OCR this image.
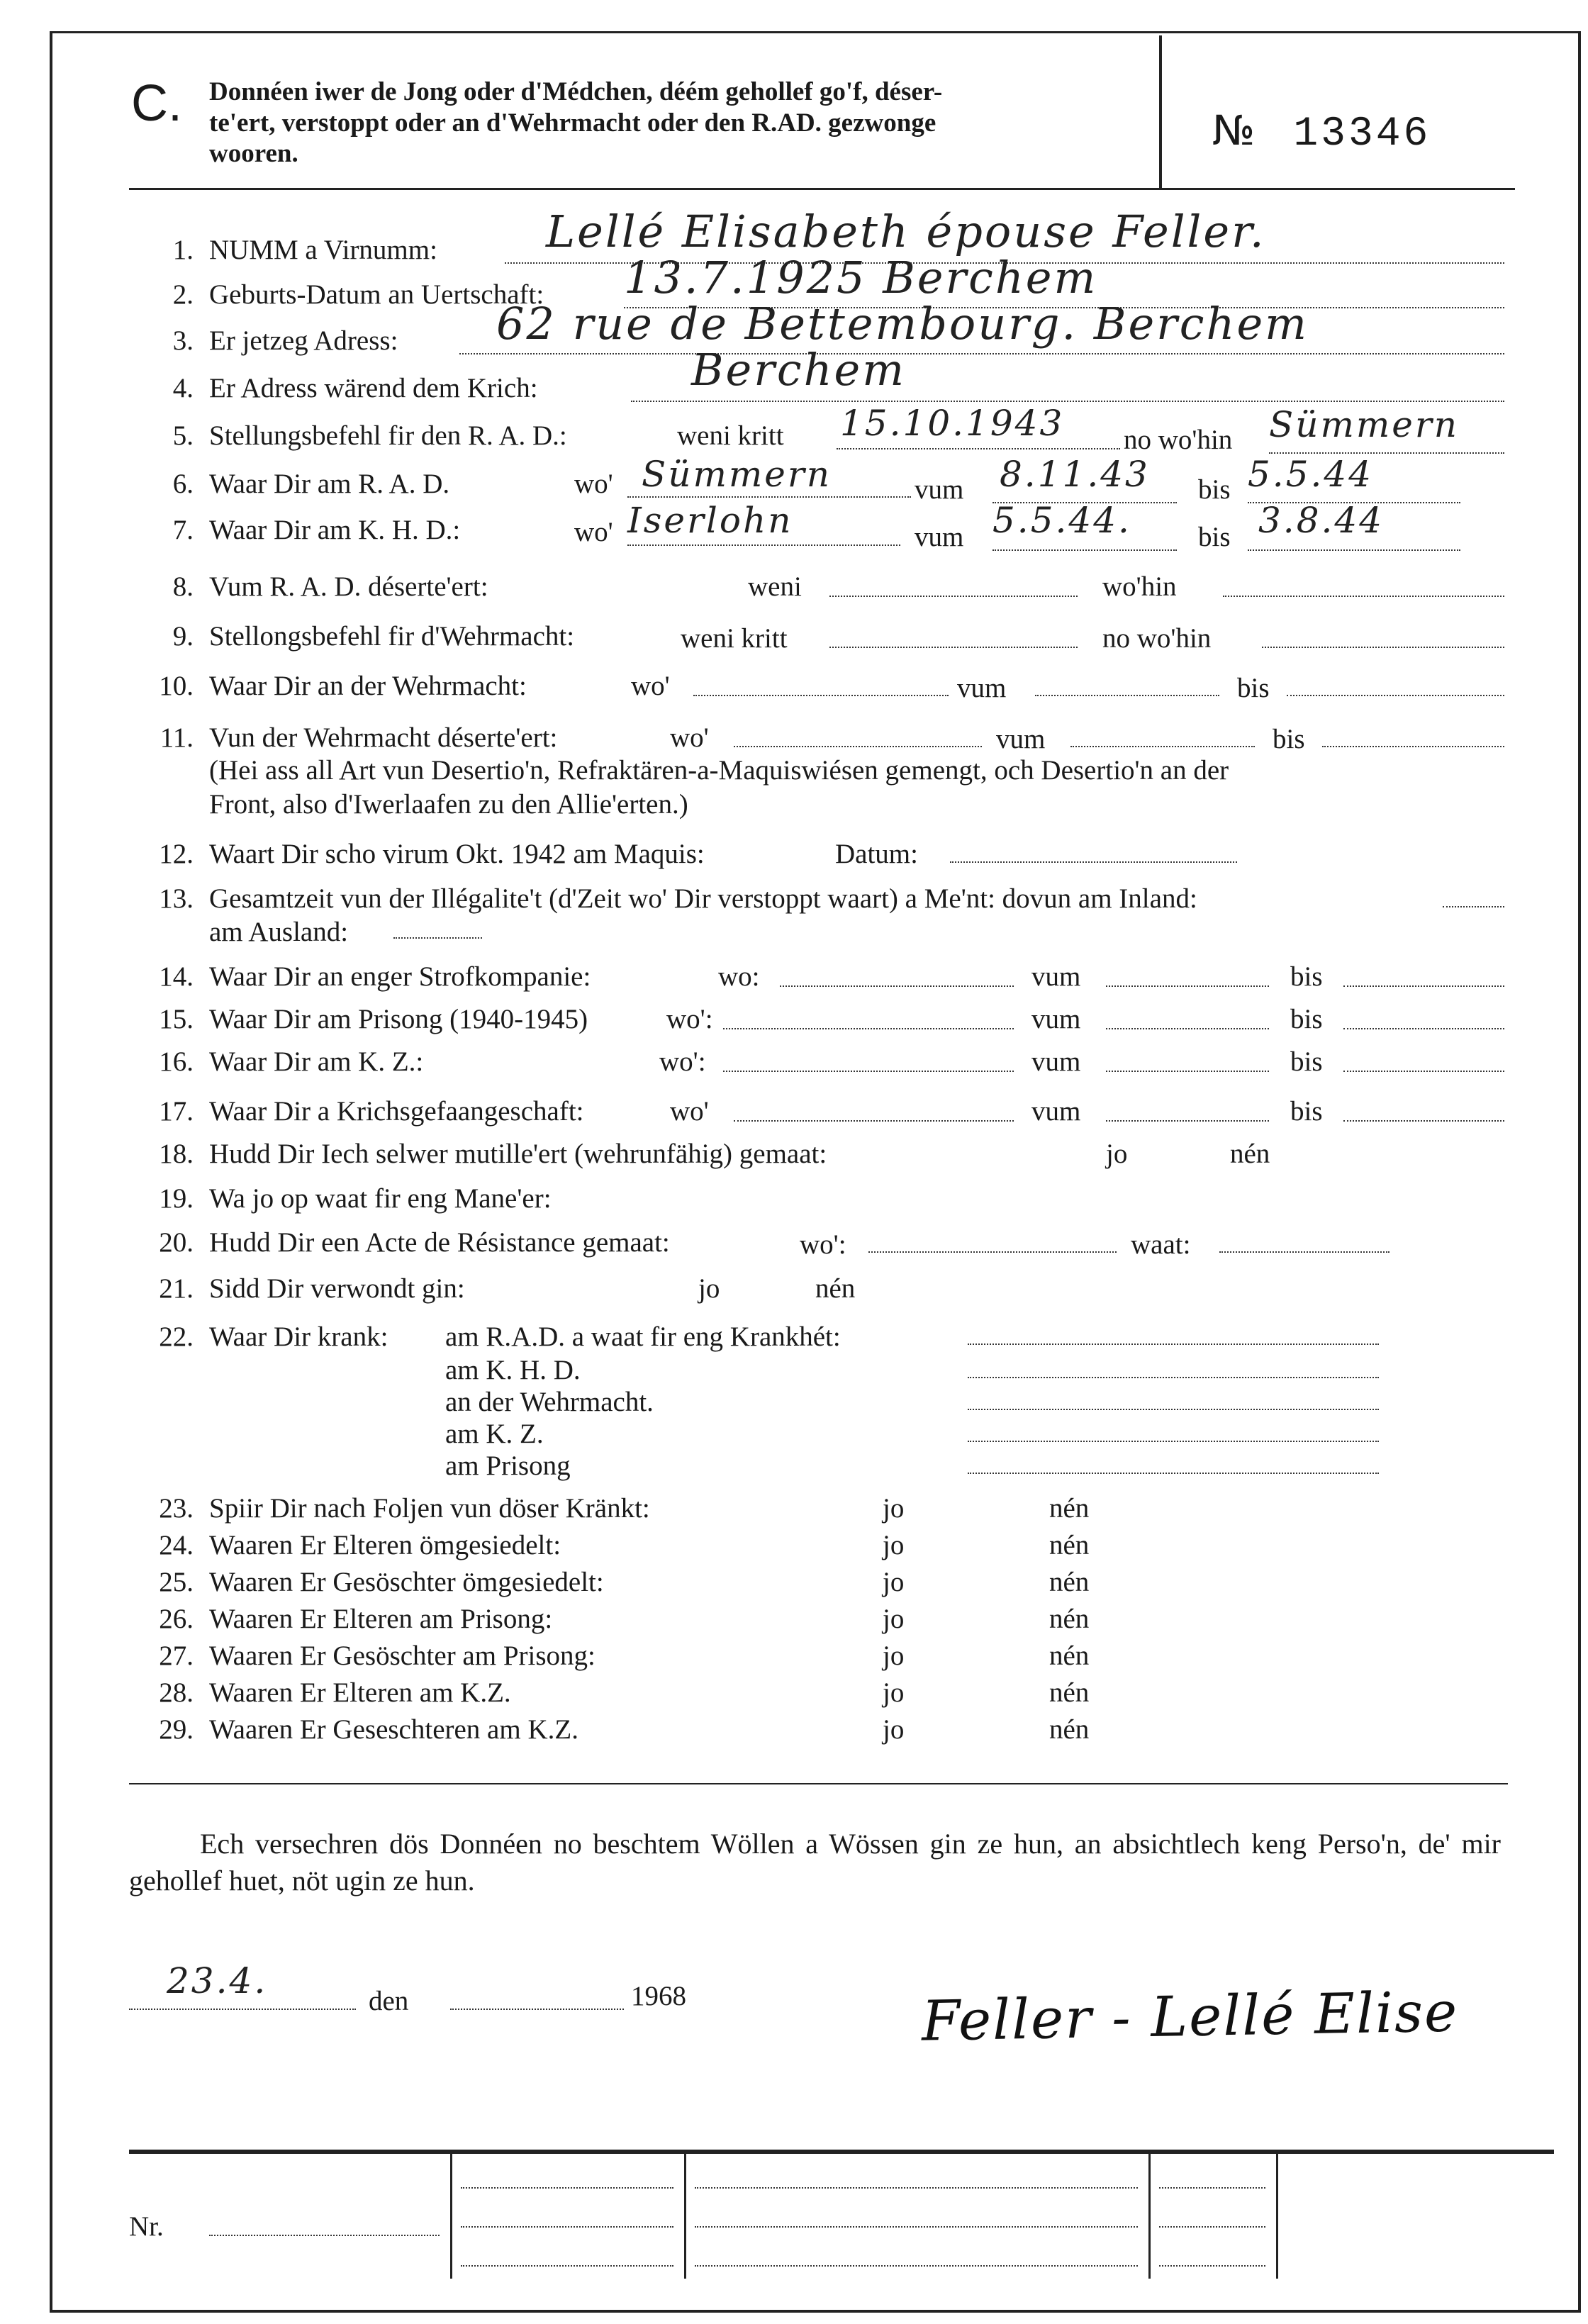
C. Donnéen iwer de Jong oder d'Médchen, déém gehollef go'f, déser-
te'ert, verstoppt oder an d'Wehrmacht oder den R.AD. gezwonge
wooren.	№ 13346
1. NUMM a Virnumm: Lellé Elisabeth épouse Feller.
2. Geburts-Datum an Uertschaft: 13.7.1925 Berchem
3. Er jetzeg Adress: 62 rue de Bettembourg. Berchem
4. Er Adress wärend dem Krich:	Berchem
5. Stellungsbefehl fir den R. A. D.:	weni kritt 15.10.1943 no wo'hin Sümmern
6. Waar Dir am R. A. D.	wo' Sümmern	vum 8.11.43 bis 5.5.44
7. Waar Dir am K. H. D.:	wo' Iserlohn	vum 5.5.44. bis 3.8.44
8. Vum R. A. D. déserte'ert:	weni	wo'hin
9. Stellongsbefehl fir d'Wehrmacht:	weni kritt	no wo'hin
10. Waar Dir an der Wehrmacht:	wo'	vum	bis
11. Vun der Wehrmacht déserte'ert:	wo'	vum	bis
(Hei ass all Art vun Desertio'n, Refraktären-a-Maquiswiésen gemengt, och Desertio'n an der
Front, also d'Iwerlaafen zu den Allie'erten.)
12. Waart Dir scho virum Okt. 1942 am Maquis:	Datum:
13. Gesamtzeit vun der Illégalite't (d'Zeit wo' Dir verstoppt waart) a Me'nt: dovun am Inland:
am Ausland:
14. Waar Dir an enger Strofkompanie:	wo:	vum	bis
15. Waar Dir am Prisong (1940-1945)	wo':	vum	bis
16. Waar Dir am K. Z.:	wo':	vum	bis
17. Waar Dir a Krichsgefaangeschaft:	wo'	vum	bis
18. Hudd Dir Iech selwer mutille'ert (wehrunfähig) gemaat:	jo	nén
19. Wa jo op waat fir eng Mane'er:
20. Hudd Dir een Acte de Résistance gemaat:	wo':	waat:
21. Sidd Dir verwondt gin:	jo	nén
22. Waar Dir krank: am R.A.D. a waat fir eng Krankhét:
am K. H. D.
an der Wehrmacht.
am K. Z.
am Prisong
23. Spiir Dir nach Foljen vun döser Kränkt:	jo	nén
24. Waaren Er Elteren ömgesiedelt:	jo	nén
25. Waaren Er Gesöschter ömgesiedelt:	jo	nén
26. Waaren Er Elteren am Prisong:	jo	nén
27. Waaren Er Gesöschter am Prisong:	jo	nén
28. Waaren Er Elteren am K.Z.	jo	nén
29. Waaren Er Geseschteren am K.Z.	jo	nén
Ech versechren dös Donnéen no beschtem Wöllen a Wössen gin ze hun, an absichtlech keng Perso'n, de' mir gehollef huet, nöt ugin ze hun.
23.4.	den	1968	Feller - Lellé Elise
Nr.
